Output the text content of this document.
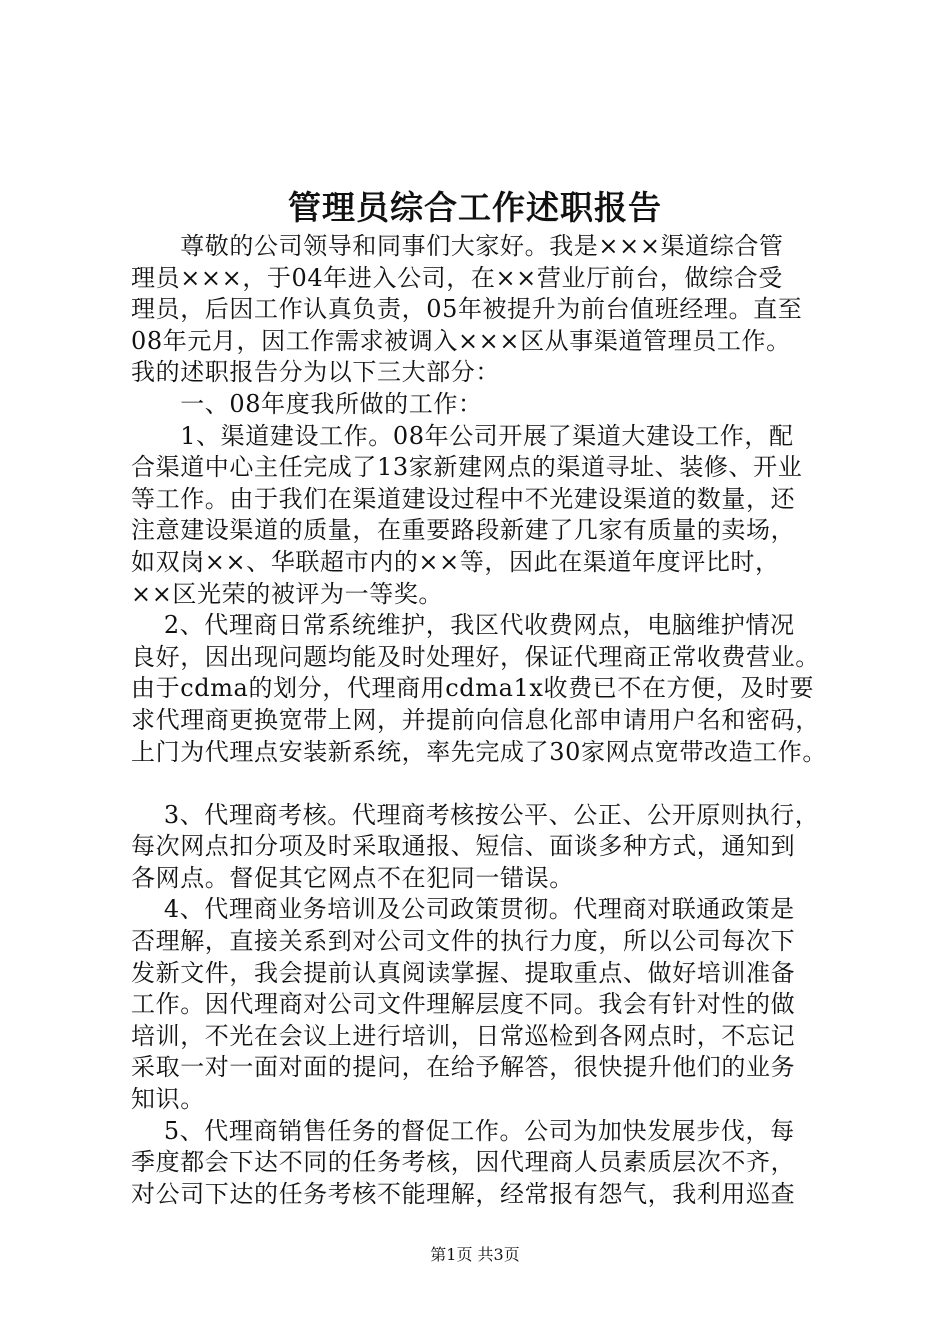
管理员综合工作述职报告
　　尊敬的公司领导和同事们大家好。我是×××渠道综合管
理员×××，于04年进入公司，在××营业厅前台，做综合受
理员，后因工作认真负责，05年被提升为前台值班经理。直至
08年元月，因工作需求被调入×××区从事渠道管理员工作。
我的述职报告分为以下三大部分：
　　一、08年度我所做的工作：
　　1、渠道建设工作。08年公司开展了渠道大建设工作，配
合渠道中心主任完成了13家新建网点的渠道寻址、装修、开业
等工作。由于我们在渠道建设过程中不光建设渠道的数量，还
注意建设渠道的质量，在重要路段新建了几家有质量的卖场，
如双岗××、华联超市内的××等，因此在渠道年度评比时，
××区光荣的被评为一等奖。
　 2、代理商日常系统维护，我区代收费网点，电脑维护情况
良好，因出现问题均能及时处理好，保证代理商正常收费营业。
由于cdma的划分，代理商用cdma1x收费已不在方便，及时要
求代理商更换宽带上网，并提前向信息化部申请用户名和密码，
上门为代理点安装新系统，率先完成了30家网点宽带改造工作。
　 3、代理商考核。代理商考核按公平、公正、公开原则执行，
每次网点扣分项及时采取通报、短信、面谈多种方式，通知到
各网点。督促其它网点不在犯同一错误。
　 4、代理商业务培训及公司政策贯彻。代理商对联通政策是
否理解，直接关系到对公司文件的执行力度，所以公司每次下
发新文件，我会提前认真阅读掌握、提取重点、做好培训准备
工作。因代理商对公司文件理解层度不同。我会有针对性的做
培训，不光在会议上进行培训，日常巡检到各网点时，不忘记
采取一对一面对面的提问，在给予解答，很快提升他们的业务
知识。
　 5、代理商销售任务的督促工作。公司为加快发展步伐，每
季度都会下达不同的任务考核，因代理商人员素质层次不齐，
对公司下达的任务考核不能理解，经常报有怨气，我利用巡查
第1页 共3页
